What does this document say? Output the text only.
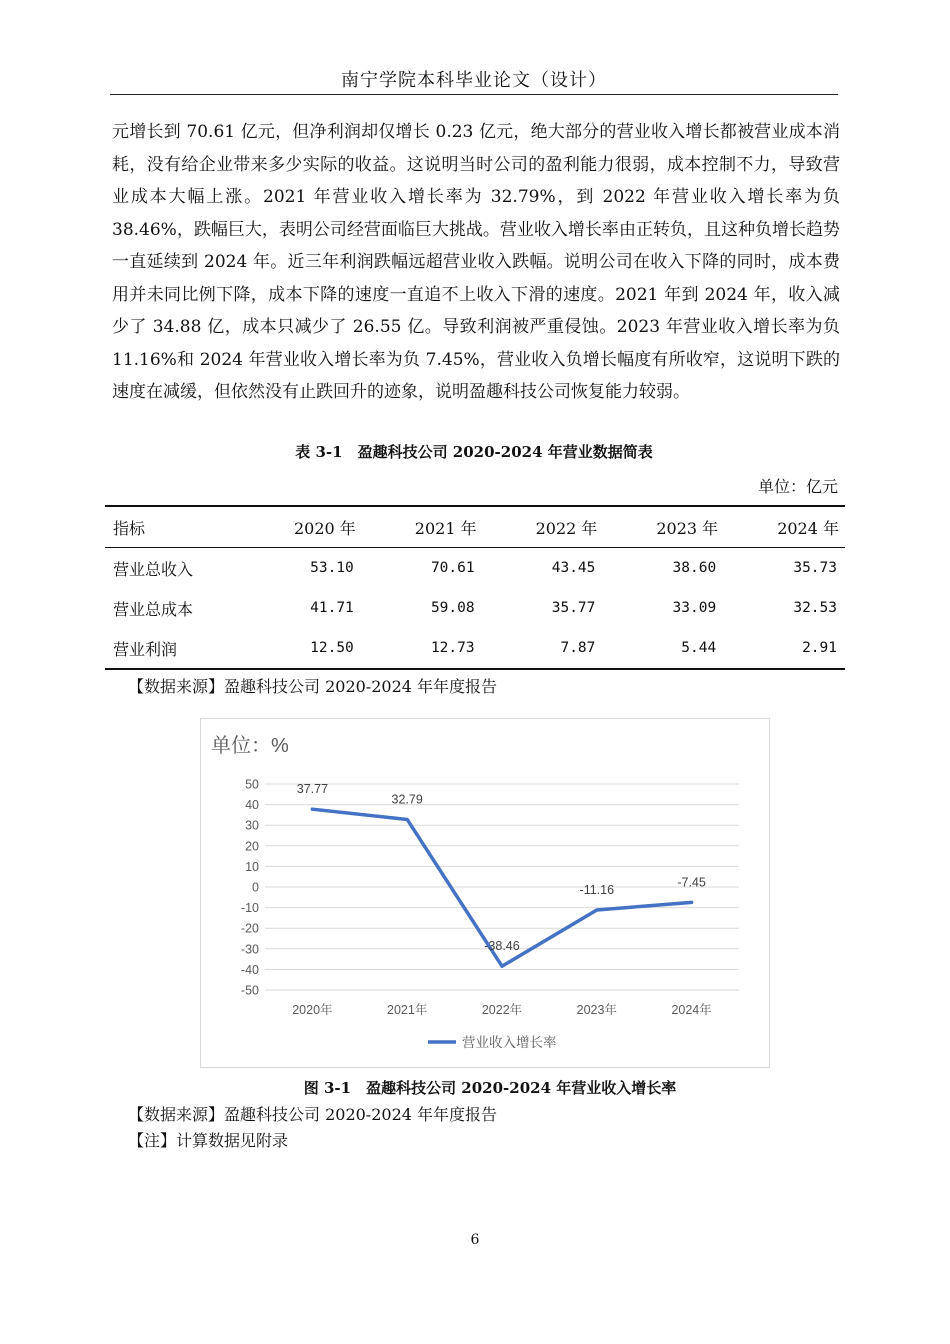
南宁学院本科毕业论文（设计）

元增长到 70.61 亿元，但净利润却仅增长 0.23 亿元，绝大部分的营业收入增长都被营业成本消耗，没有给企业带来多少实际的收益。这说明当时公司的盈利能力很弱，成本控制不力，导致营业成本大幅上涨。2021 年营业收入增长率为 32.79%，到 2022 年营业收入增长率为负 38.46%，跌幅巨大，表明公司经营面临巨大挑战。营业收入增长率由正转负，且这种负增长趋势一直延续到 2024 年。近三年利润跌幅远超营业收入跌幅。说明公司在收入下降的同时，成本费用并未同比例下降，成本下降的速度一直追不上收入下滑的速度。2021 年到 2024 年，收入减少了 34.88 亿，成本只减少了 26.55 亿。导致利润被严重侵蚀。2023 年营业收入增长率为负 11.16%和 2024 年营业收入增长率为负 7.45%，营业收入负增长幅度有所收窄，这说明下跌的速度在减缓，但依然没有止跌回升的迹象，说明盈趣科技公司恢复能力较弱。

表 3-1　盈趣科技公司 2020-2024 年营业数据简表
单位：亿元
指标	2020 年	2021 年	2022 年	2023 年	2024 年
营业总收入	53.10	70.61	43.45	38.60	35.73
营业总成本	41.71	59.08	35.77	33.09	32.53
营业利润	12.50	12.73	7.87	5.44	2.91
【数据来源】盈趣科技公司 2020-2024 年年度报告
单位：%
50
40
30
20
10
0
-10
-20
-30
-40
-50
2020年	2021年	2022年	2023年	2024年
37.77
32.79
-38.46
-11.16
-7.45
营业收入增长率
图 3-1　盈趣科技公司 2020-2024 年营业收入增长率
【数据来源】盈趣科技公司 2020-2024 年年度报告
【注】计算数据见附录
6
